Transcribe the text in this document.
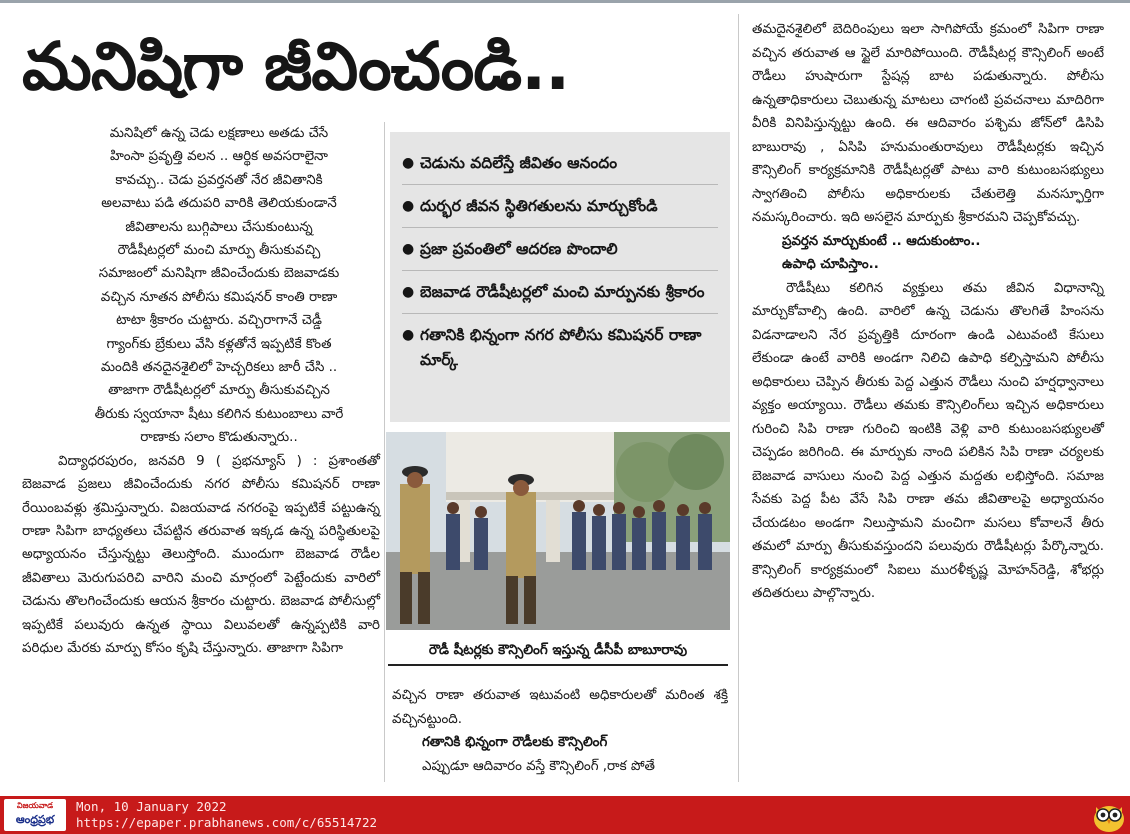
మనిషిగా జీవించండి..

మనిషిలో ఉన్న చెడు లక్షణాలు అతడు చేసే

హింసా ప్రవృత్తి వలన .. ఆర్థిక అవసరాలైనా

కావచ్చు.. చెడు ప్రవర్తనతో నేర జీవితానికి

అలవాటు పడి తదుపరి వారికి తెలియకుండానే

జీవితాలను బుగ్గిపాలు చేసుకుంటున్న

రౌడీషీటర్లలో మంచి మార్పు తీసుకువచ్చి

సమాజంలో మనిషిగా జీవించేందుకు బెజవాడకు

వచ్చిన నూతన పోలీసు కమిషనర్ కాంతి రాణా

టాటా శ్రీకారం చుట్టారు. వచ్చిరాగానే చెడ్డీ

గ్యాంగ్‌కు బ్రేకులు వేసి కళ్లతోనే ఇప్పటికే కొంత

మందికి తనదైనశైలిలో హెచ్చరికలు జారీ చేసి ..

తాజాగా రౌడీషీటర్లలో మార్పు తీసుకువచ్చిన

తీరుకు స్వయానా షీటు కలిగిన కుటుంబాలు వారే

రాణాకు సలాం కొడుతున్నారు..

విద్యాధరపురం, జనవరి 9 ( ప్రభన్యూస్ ) : ప్రశాంతతో బెజవాడ ప్రజలు జీవించేందుకు నగర పోలీసు కమిషనర్ రాణా రేయింబవళ్లు శ్రమిస్తున్నారు. విజయవాడ నగరంపై ఇప్పటికే పట్టుఉన్న రాణా సిపిగా బాధ్యతలు చేపట్టిన తరువాత ఇక్కడ ఉన్న పరిస్థితులపై అధ్యాయనం చేస్తున్నట్టు తెలుస్తోంది. ముందుగా బెజవాడ రౌడీల జీవితాలు మెరుగుపరిచి వారిని మంచి మార్గంలో పెట్టేందుకు వారిలో చెడును తొలగించేందుకు ఆయన శ్రీకారం చుట్టారు. బెజవాడ పోలీసుల్లో ఇప్పటికే పలువురు ఉన్నత స్థాయి విలువలతో ఉన్నప్పటికి వారి పరిధుల మేరకు మార్పు కోసం కృషి చేస్తున్నారు. తాజాగా సిపిగా

● చెడును వదిలేస్తే జీవితం ఆనందం
● దుర్భర జీవన స్థితిగతులను మార్చుకోండి
● ప్రజా ప్రవంతిలో ఆదరణ పొందాలి
● బెజవాడ రౌడీషీటర్లలో మంచి మార్పునకు శ్రీకారం
● గతానికి భిన్నంగా నగర పోలీసు కమిషనర్ రాణా మార్క్
రౌడీ షీటర్లకు కౌన్సిలింగ్ ఇస్తున్న డీసీపీ బాబూరావు

వచ్చిన రాణా తరువాత ఇటువంటి అధికారులతో మరింత శక్తి వచ్చినట్టుంది.

గతానికి భిన్నంగా రౌడీలకు కౌన్సిలింగ్

ఎప్పుడూ ఆదివారం వస్తే కౌన్సిలింగ్ ,రాక పోతే

తమదైనశైలిలో బెదిరింపులు ఇలా సాగిపోయే క్రమంలో సిపిగా రాణా వచ్చిన తరువాత ఆ స్టైలే మారిపోయింది. రౌడీషీటర్ల కౌన్సిలింగ్ అంటే రౌడీలు హుషారుగా స్టేషన్ల బాట పడుతున్నారు. పోలీసు ఉన్నతాధికారులు చెబుతున్న మాటలు చాగంటి ప్రవచనాలు మాదిరిగా వీరికి వినిపిస్తున్నట్టు ఉంది. ఈ ఆదివారం పశ్చిమ జోన్‌లో డిసిపి బాబురావు , ఏసిపి హనుమంతురావులు రౌడీషీటర్లకు ఇచ్చిన కౌన్సిలింగ్ కార్యక్రమానికి రౌడీషీటర్లతో పాటు వారి కుటుంబసభ్యులు స్వాగతించి పోలీసు అధికారులకు చేతులెత్తి మనస్ఫూర్తిగా నమస్కరించారు. ఇది అసలైన మార్పుకు శ్రీకారమని చెప్పకోవచ్చు.

ప్రవర్తన మార్చుకుంటే .. ఆదుకుంటాం..

ఉపాధి చూపిస్తాం..

రౌడీషీటు కలిగిన వ్యక్తులు తమ జీవిన విధానాన్ని మార్చుకోవాల్సి ఉంది. వారిలో ఉన్న చెడును తొలగితే హింసను విడనాడాలని నేర ప్రవృత్తికి దూరంగా ఉండి ఎటువంటి కేసులు లేకుండా ఉంటే వారికి అండగా నిలిచి ఉపాధి కల్పిస్తామని పోలీసు అధికారులు చెప్పిన తీరుకు పెద్ద ఎత్తున రౌడీలు నుంచి హర్షధ్వానాలు వ్యక్తం అయ్యాయి. రౌడీలు తమకు కౌన్సిలింగ్‌లు ఇచ్చిన అధికారులు గురించి సిపి రాణా గురించి ఇంటికి వెళ్లి వారి కుటుంబసభ్యులతో చెప్పడం జరిగింది. ఈ మార్పుకు నాంది పలికిన సిపి రాణా చర్యలకు బెజవాడ వాసులు నుంచి పెద్ద ఎత్తున మద్దతు లభిస్తోంది. సమాజ సేవకు పెద్ద పీట వేసే సిపి రాణా తమ జీవితాలపై అధ్యాయనం చేయడటం అండగా నిలుస్తామని మంచిగా మసలు కోవాలనే తీరు తమలో మార్పు తీసుకువస్తుందని పలువురు రౌడీషీటర్లు పేర్కొన్నారు. కౌన్సిలింగ్ కార్యక్రమంలో సిఐలు మురళీకృష్ణ మోహన్‌రెడ్డి, శోభర్లు తదితరులు పాల్గొన్నారు.

విజయవాడ
ఆంధ్రప్రభ
Mon, 10 January 2022
https://epaper.prabhanews.com/c/65514722
